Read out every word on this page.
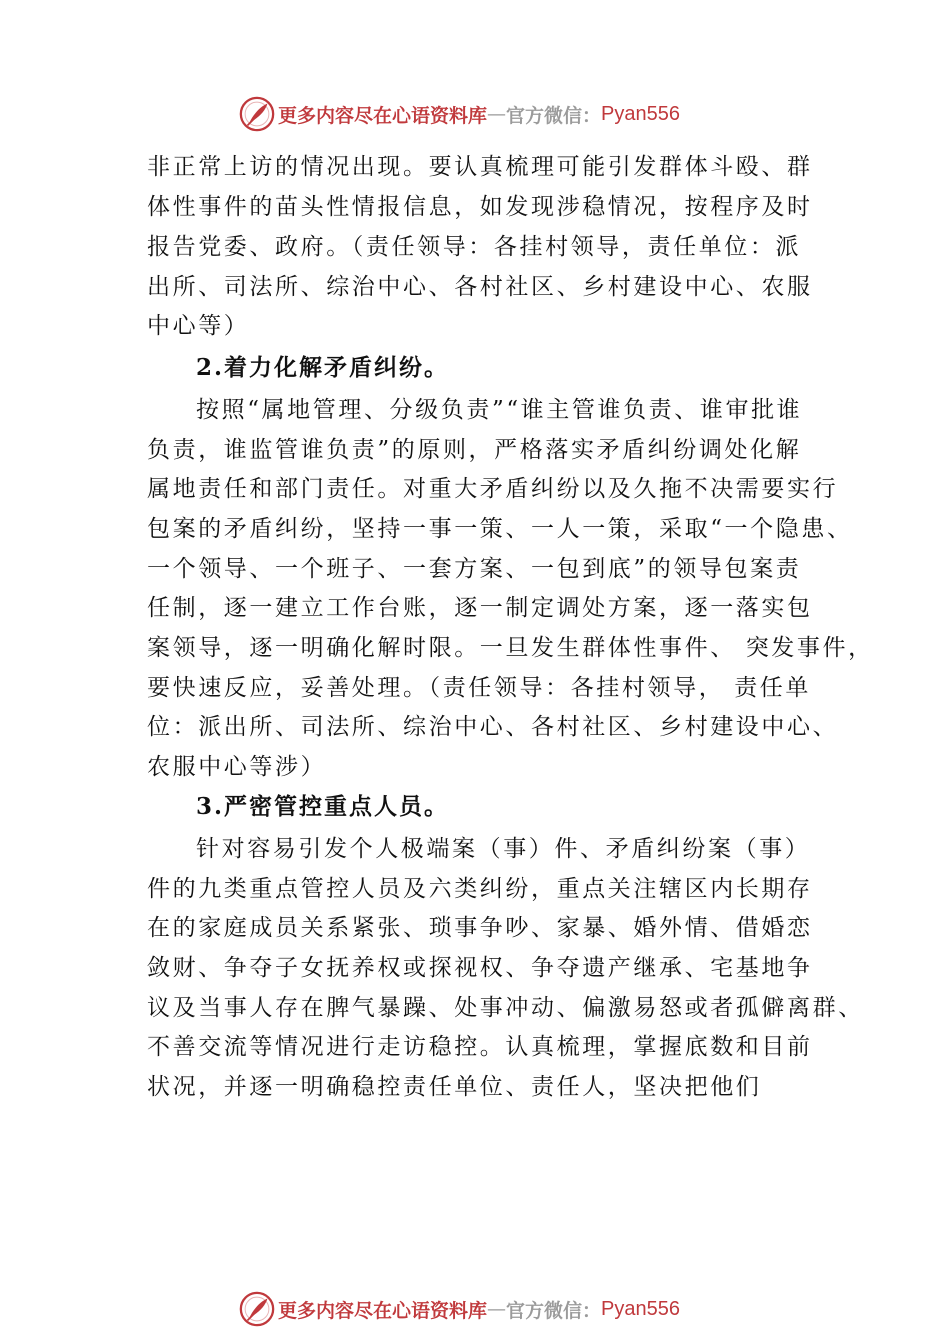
更多内容尽在心语资料库 — 官方微信： Pyan556
非正常上访的情况出现。要认真梳理可能引发群体斗殴、群
体性事件的苗头性情报信息，如发现涉稳情况，按程序及时
报告党委、政府。（责任领导：各挂村领导，责任单位：派
出所、司法所、综治中心、各村社区、乡村建设中心、农服
中心等）
2.着力化解矛盾纠纷。
按照“属地管理、分级负责”“谁主管谁负责、谁审批谁
负责，谁监管谁负责”的原则，严格落实矛盾纠纷调处化解
属地责任和部门责任。对重大矛盾纠纷以及久拖不决需要实行
包案的矛盾纠纷，坚持一事一策、一人一策，采取“一个隐患、
一个领导、一个班子、一套方案、一包到底”的领导包案责
任制，逐一建立工作台账，逐一制定调处方案，逐一落实包
案领导，逐一明确化解时限。一旦发生群体性事件、 突发事件，
要快速反应，妥善处理。（责任领导：各挂村领导， 责任单
位：派出所、司法所、综治中心、各村社区、乡村建设中心、
农服中心等涉）
3.严密管控重点人员。
针对容易引发个人极端案（事）件、矛盾纠纷案（事）
件的九类重点管控人员及六类纠纷，重点关注辖区内长期存
在的家庭成员关系紧张、琐事争吵、家暴、婚外情、借婚恋
敛财、争夺子女抚养权或探视权、争夺遗产继承、宅基地争
议及当事人存在脾气暴躁、处事冲动、偏激易怒或者孤僻离群、
不善交流等情况进行走访稳控。认真梳理，掌握底数和目前
状况，并逐一明确稳控责任单位、责任人，坚决把他们
更多内容尽在心语资料库 — 官方微信： Pyan556
